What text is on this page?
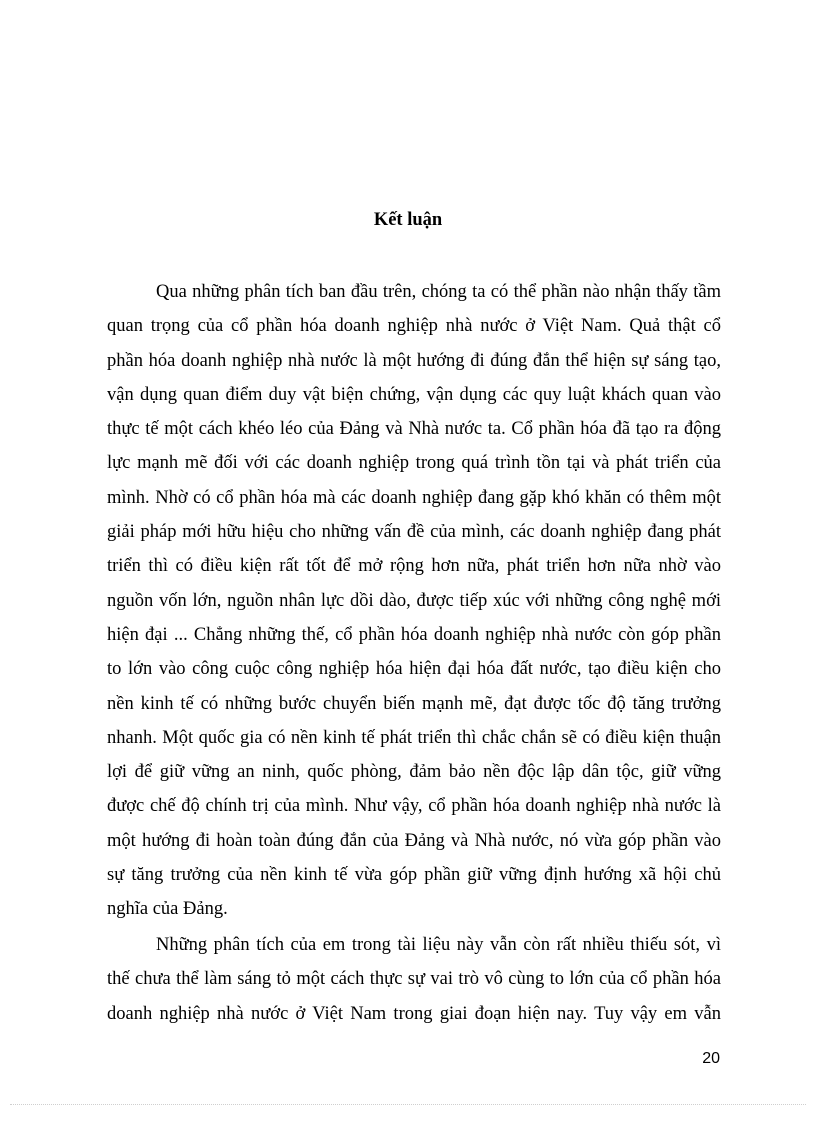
Kết luận
Qua những phân tích ban đầu trên, chóng ta có thể phần nào nhận thấy tầm
quan trọng của cổ phần hóa doanh nghiệp nhà nước ở Việt Nam. Quả thật cổ
phần hóa doanh nghiệp nhà nước là một hướng đi đúng đắn thể hiện sự sáng tạo,
vận dụng quan điểm duy vật biện chứng, vận dụng các quy luật khách quan vào
thực tế một cách khéo léo của Đảng và Nhà nước ta. Cổ phần hóa đã tạo ra động
lực mạnh mẽ đối với các doanh nghiệp trong quá trình tồn tại và phát triển của
mình. Nhờ có cổ phần hóa mà các doanh nghiệp đang gặp khó khăn có thêm một
giải pháp mới hữu hiệu cho những vấn đề của mình, các doanh nghiệp đang phát
triển thì có điều kiện rất tốt để mở rộng hơn nữa, phát triển hơn nữa nhờ vào
nguồn vốn lớn, nguồn nhân lực dồi dào, được tiếp xúc với những công nghệ mới
hiện đại ... Chẳng những thế, cổ phần hóa doanh nghiệp nhà nước còn góp phần
to lớn vào công cuộc công nghiệp hóa hiện đại hóa đất nước, tạo điều kiện cho
nền kinh tế có những bước chuyển biến mạnh mẽ, đạt được tốc độ tăng trưởng
nhanh. Một quốc gia có nền kinh tế phát triển thì chắc chắn sẽ có điều kiện thuận
lợi để giữ vững an ninh, quốc phòng, đảm bảo nền độc lập dân tộc, giữ vững
được chế độ chính trị của mình. Như vậy, cổ phần hóa doanh nghiệp nhà nước là
một hướng đi hoàn toàn đúng đắn của Đảng và Nhà nước, nó vừa góp phần vào
sự tăng trưởng của nền kinh tế vừa góp phần giữ vững định hướng xã hội chủ
nghĩa của Đảng.
Những phân tích của em trong tài liệu này vẫn còn rất nhiều thiếu sót, vì
thế chưa thể làm sáng tỏ một cách thực sự vai trò vô cùng to lớn của cổ phần hóa
doanh nghiệp nhà nước ở Việt Nam trong giai đoạn hiện nay. Tuy vậy em vẫn
20
